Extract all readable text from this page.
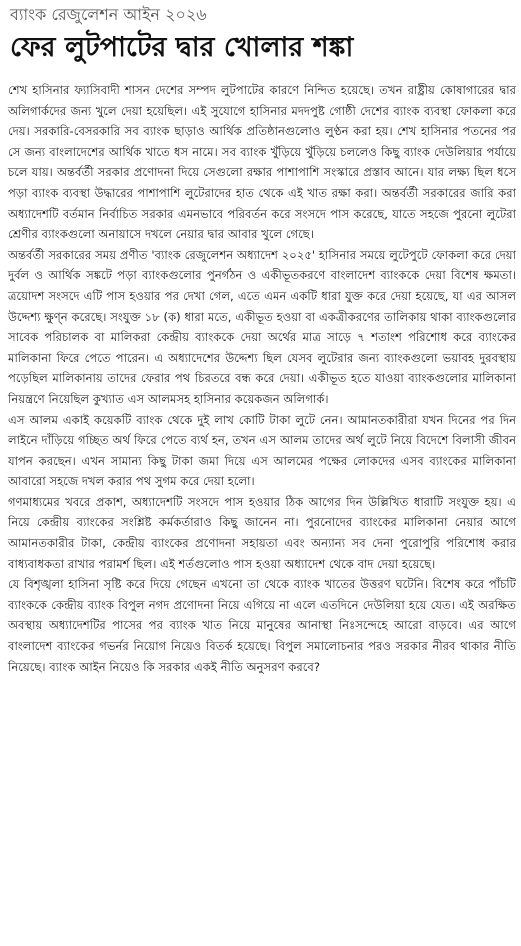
ব্যাংক রেজুলেশন আইন ২০২৬
ফের লুটপাটের দ্বার খোলার শঙ্কা

শেখ হাসিনার ফ্যাসিবাদী শাসন দেশের সম্পদ লুটপাটের কারণে নিন্দিত হয়েছে। তখন রাষ্ট্রীয় কোষাগারের দ্বার অলিগার্কদের জন্য খুলে দেয়া হয়েছিল। এই সুযোগে হাসিনার মদদপুষ্ট গোষ্ঠী দেশের ব্যাংক ব্যবস্থা ফোকলা করে দেয়। সরকারি-বেসরকারি সব ব্যাংক ছাড়াও আর্থিক প্রতিষ্ঠানগুলোও লুণ্ঠন করা হয়। শেখ হাসিনার পতনের পর সে জন্য বাংলাদেশের আর্থিক খাতে ধস নামে। সব ব্যাংক খুঁড়িয়ে খুঁড়িয়ে চললেও কিছু ব্যাংক দেউলিয়ার পর্যায়ে চলে যায়। অন্তর্বর্তী সরকার প্রণোদনা দিয়ে সেগুলো রক্ষার পাশাপাশি সংস্কারে প্রস্তাব আনে। যার লক্ষ্য ছিল ধসে পড়া ব্যাংক ব্যবস্থা উদ্ধারের পাশাপাশি লুটেরাদের হাত থেকে এই খাত রক্ষা করা। অন্তর্বর্তী সরকারের জারি করা অধ্যাদেশটি বর্তমান নির্বাচিত সরকার এমনভাবে পরিবর্তন করে সংসদে পাস করেছে, যাতে সহজে পুরনো লুটেরা শ্রেণীর ব্যাংকগুলো অনায়াসে দখলে নেয়ার দ্বার আবার খুলে গেছে।

অন্তর্বর্তী সরকারের সময় প্রণীত 'ব্যাংক রেজুলেশন অধ্যাদেশ ২০২৫' হাসিনার সময়ে লুটেপুটে ফোকলা করে দেয়া দুর্বল ও আর্থিক সঙ্কটে পড়া ব্যাংকগুলোর পুনর্গঠন ও একীভূতকরণে বাংলাদেশ ব্যাংককে দেয়া বিশেষ ক্ষমতা। ত্রয়োদশ সংসদে এটি পাস হওয়ার পর দেখা গেল, এতে এমন একটি ধারা যুক্ত করে দেয়া হয়েছে, যা এর আসল উদ্দেশ্য ক্ষুণ্ন করেছে। সংযুক্ত ১৮ (ক) ধারা মতে, একীভূত হওয়া বা একত্রীকরণের তালিকায় থাকা ব্যাংকগুলোর সাবেক পরিচালক বা মালিকরা কেন্দ্রীয় ব্যাংককে দেয়া অর্থের মাত্র সাড়ে ৭ শতাংশ পরিশোধ করে ব্যাংকের মালিকানা ফিরে পেতে পারেন। এ অধ্যাদেশের উদ্দেশ্য ছিল যেসব লুটেরার জন্য ব্যাংকগুলো ভয়াবহ দুরবস্থায় পড়েছিল মালিকানায় তাদের ফেরার পথ চিরতরে বন্ধ করে দেয়া। একীভূত হতে যাওয়া ব্যাংকগুলোর মালিকানা নিয়ন্ত্রণে নিয়েছিল কুখ্যাত এস আলমসহ হাসিনার কয়েকজন অলিগার্ক।

এস আলম একাই কয়েকটি ব্যাংক থেকে দুই লাখ কোটি টাকা লুটে নেন। আমানতকারীরা যখন দিনের পর দিন লাইনে দাঁড়িয়ে গচ্ছিত অর্থ ফিরে পেতে ব্যর্থ হন, তখন এস আলম তাদের অর্থ লুটে নিয়ে বিদেশে বিলাসী জীবন যাপন করছেন। এখন সামান্য কিছু টাকা জমা দিয়ে এস আলমের পক্ষের লোকদের এসব ব্যাংকের মালিকানা আবারো সহজে দখল করার পথ সুগম করে দেয়া হলো।

গণমাধ্যমের খবরে প্রকাশ, অধ্যাদেশটি সংসদে পাস হওয়ার ঠিক আগের দিন উল্লিখিত ধারাটি সংযুক্ত হয়। এ নিয়ে কেন্দ্রীয় ব্যাংকের সংশ্লিষ্ট কর্মকর্তারাও কিছু জানেন না। পুরনোদের ব্যাংকের মালিকানা নেয়ার আগে আমানতকারীর টাকা, কেন্দ্রীয় ব্যাংকের প্রণোদনা সহায়তা এবং অন্যান্য সব দেনা পুরোপুরি পরিশোধ করার বাধ্যবাধকতা রাখার পরামর্শ ছিল। এই শর্তগুলোও পাস হওয়া অধ্যাদেশ থেকে বাদ দেয়া হয়েছে।

যে বিশৃঙ্খলা হাসিনা সৃষ্টি করে দিয়ে গেছেন এখনো তা থেকে ব্যাংক খাতের উত্তরণ ঘটেনি। বিশেষ করে পাঁচটি ব্যাংককে কেন্দ্রীয় ব্যাংক বিপুল নগদ প্রণোদনা নিয়ে এগিয়ে না এলে এতদিনে দেউলিয়া হয়ে যেত। এই অরক্ষিত অবস্থায় অধ্যাদেশটির পাসের পর ব্যাংক খাত নিয়ে মানুষের আনাস্থা নিঃসন্দেহে আরো বাড়বে। এর আগে বাংলাদেশ ব্যাংকের গভর্নর নিয়োগ নিয়েও বিতর্ক হয়েছে। বিপুল সমালোচনার পরও সরকার নীরব থাকার নীতি নিয়েছে। ব্যাংক আইন নিয়েও কি সরকার একই নীতি অনুসরণ করবে?
